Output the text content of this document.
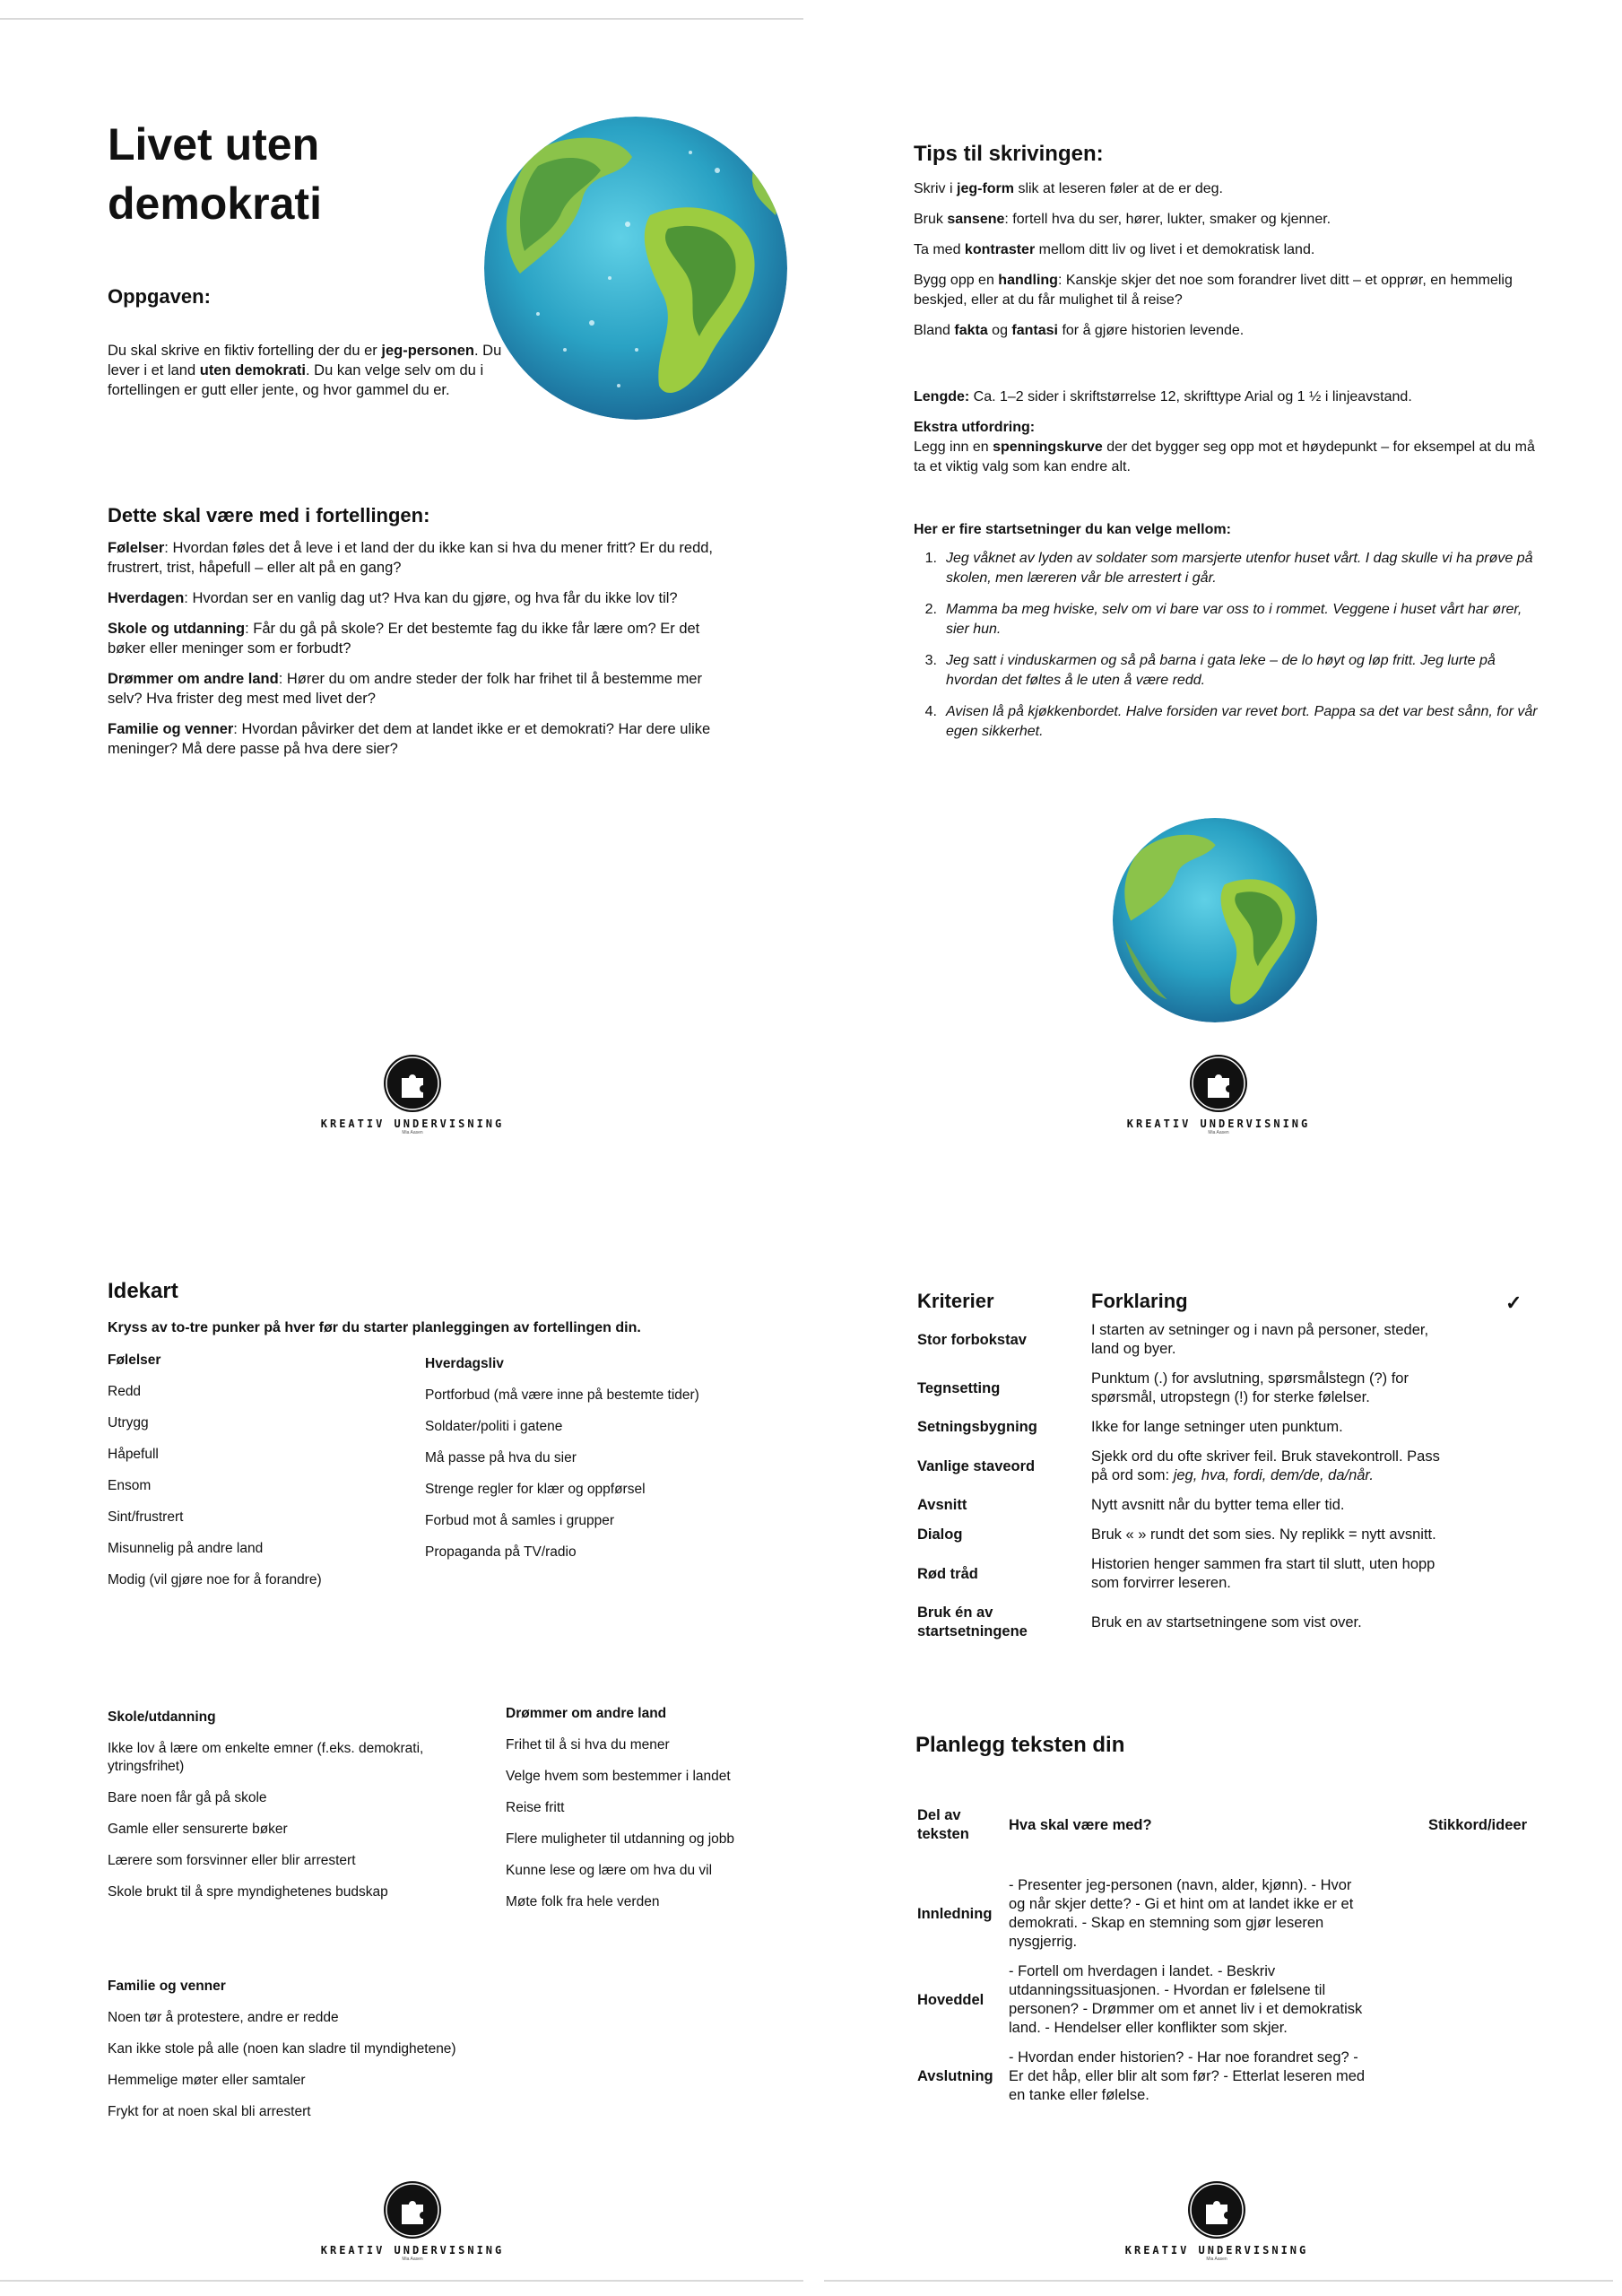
Livet uten
demokrati
Oppgaven:
Du skal skrive en fiktiv fortelling der du er jeg-personen. Du lever i et land uten demokrati. Du kan velge selv om du i fortellingen er gutt eller jente, og hvor gammel du er.
Dette skal være med i fortellingen:
Følelser: Hvordan føles det å leve i et land der du ikke kan si hva du mener fritt? Er du redd, frustrert, trist, håpefull – eller alt på en gang?
Hverdagen: Hvordan ser en vanlig dag ut? Hva kan du gjøre, og hva får du ikke lov til?
Skole og utdanning: Får du gå på skole? Er det bestemte fag du ikke får lære om? Er det bøker eller meninger som er forbudt?
Drømmer om andre land: Hører du om andre steder der folk har frihet til å bestemme mer selv? Hva frister deg mest med livet der?
Familie og venner: Hvordan påvirker det dem at landet ikke er et demokrati? Har dere ulike meninger? Må dere passe på hva dere sier?
KREATIV UNDERVISNING
Mia Aasen
Tips til skrivingen:
Skriv i jeg-form slik at leseren føler at de er deg.
Bruk sansene: fortell hva du ser, hører, lukter, smaker og kjenner.
Ta med kontraster mellom ditt liv og livet i et demokratisk land.
Bygg opp en handling: Kanskje skjer det noe som forandrer livet ditt – et opprør, en hemmelig beskjed, eller at du får mulighet til å reise?
Bland fakta og fantasi for å gjøre historien levende.
Lengde: Ca. 1–2 sider i skriftstørrelse 12, skrifttype Arial og 1 ½ i linjeavstand.
Ekstra utfordring:
Legg inn en spenningskurve der det bygger seg opp mot et høydepunkt – for eksempel at du må ta et viktig valg som kan endre alt.
Her er fire startsetninger du kan velge mellom:
1. Jeg våknet av lyden av soldater som marsjerte utenfor huset vårt. I dag skulle vi ha prøve på skolen, men læreren vår ble arrestert i går.
2. Mamma ba meg hviske, selv om vi bare var oss to i rommet. Veggene i huset vårt har ører, sier hun.
3. Jeg satt i vinduskarmen og så på barna i gata leke – de lo høyt og løp fritt. Jeg lurte på hvordan det føltes å le uten å være redd.
4. Avisen lå på kjøkkenbordet. Halve forsiden var revet bort. Pappa sa det var best sånn, for vår egen sikkerhet.
KREATIV UNDERVISNING
Mia Aasen
Idekart
Kryss av to-tre punker på hver før du starter planleggingen av fortellingen din.
Følelser
Redd
Utrygg
Håpefull
Ensom
Sint/frustrert
Misunnelig på andre land
Modig (vil gjøre noe for å forandre)
Hverdagsliv
Portforbud (må være inne på bestemte tider)
Soldater/politi i gatene
Må passe på hva du sier
Strenge regler for klær og oppførsel
Forbud mot å samles i grupper
Propaganda på TV/radio
Skole/utdanning
Ikke lov å lære om enkelte emner (f.eks. demokrati, ytringsfrihet)
Bare noen får gå på skole
Gamle eller sensurerte bøker
Lærere som forsvinner eller blir arrestert
Skole brukt til å spre myndighetenes budskap
Drømmer om andre land
Frihet til å si hva du mener
Velge hvem som bestemmer i landet
Reise fritt
Flere muligheter til utdanning og jobb
Kunne lese og lære om hva du vil
Møte folk fra hele verden
Familie og venner
Noen tør å protestere, andre er redde
Kan ikke stole på alle (noen kan sladre til myndighetene)
Hemmelige møter eller samtaler
Frykt for at noen skal bli arrestert
KREATIV UNDERVISNING
Mia Aasen
Kriterier	Forklaring
Stor forbokstav	I starten av setninger og i navn på personer, steder, land og byer.
Tegnsetting	Punktum (.) for avslutning, spørsmålstegn (?) for spørsmål, utropstegn (!) for sterke følelser.
Setningsbygning	Ikke for lange setninger uten punktum.
Vanlige staveord	Sjekk ord du ofte skriver feil. Bruk stavekontroll. Pass på ord som: jeg, hva, fordi, dem/de, da/når.
Avsnitt	Nytt avsnitt når du bytter tema eller tid.
Dialog	Bruk « » rundt det som sies. Ny replikk = nytt avsnitt.
Rød tråd	Historien henger sammen fra start til slutt, uten hopp som forvirrer leseren.
Bruk én av startsetningene	Bruk en av startsetningene som vist over.
✓
Planlegg teksten din
Del av teksten	Hva skal være med?	Stikkord/ideer

Innledning	- Presenter jeg-personen (navn, alder, kjønn). - Hvor og når skjer dette? - Gi et hint om at landet ikke er et demokrati. - Skap en stemning som gjør leseren nysgjerrig.	
Hoveddel	- Fortell om hverdagen i landet. - Beskriv utdanningssituasjonen. - Hvordan er følelsene til personen? - Drømmer om et annet liv i et demokratisk land. - Hendelser eller konflikter som skjer.	
Avslutning	- Hvordan ender historien? - Har noe forandret seg? - Er det håp, eller blir alt som før? - Etterlat leseren med en tanke eller følelse.	
KREATIV UNDERVISNING
Mia Aasen
